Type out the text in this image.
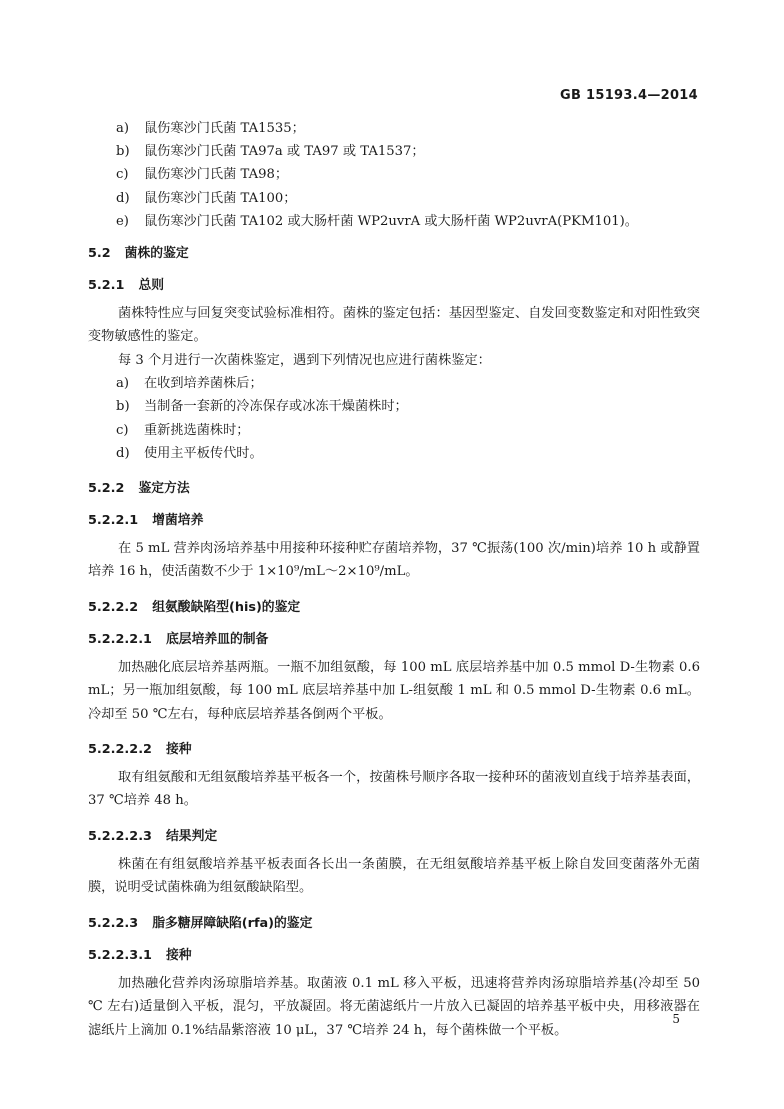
GB 15193.4—2014
a) 鼠伤寒沙门氏菌 TA1535；
b) 鼠伤寒沙门氏菌 TA97a 或 TA97 或 TA1537；
c) 鼠伤寒沙门氏菌 TA98；
d) 鼠伤寒沙门氏菌 TA100；
e) 鼠伤寒沙门氏菌 TA102 或大肠杆菌 WP2uvrA 或大肠杆菌 WP2uvrA(PKM101)。
5.2 菌株的鉴定
5.2.1 总则

菌株特性应与回复突变试验标准相符。菌株的鉴定包括：基因型鉴定、自发回变数鉴定和对阳性致突变物敏感性的鉴定。

每 3 个月进行一次菌株鉴定，遇到下列情况也应进行菌株鉴定：

a) 在收到培养菌株后；
b) 当制备一套新的冷冻保存或冰冻干燥菌株时；
c) 重新挑选菌株时；
d) 使用主平板传代时。
5.2.2 鉴定方法
5.2.2.1 增菌培养

在 5 mL 营养肉汤培养基中用接种环接种贮存菌培养物，37 ℃振荡(100 次/min)培养 10 h 或静置培养 16 h，使活菌数不少于 1×10⁹/mL～2×10⁹/mL。

5.2.2.2 组氨酸缺陷型(his)的鉴定
5.2.2.2.1 底层培养皿的制备

加热融化底层培养基两瓶。一瓶不加组氨酸，每 100 mL 底层培养基中加 0.5 mmol D-生物素 0.6 mL；另一瓶加组氨酸，每 100 mL 底层培养基中加 L-组氨酸 1 mL 和 0.5 mmol D-生物素 0.6 mL。冷却至 50 ℃左右，每种底层培养基各倒两个平板。

5.2.2.2.2 接种

取有组氨酸和无组氨酸培养基平板各一个，按菌株号顺序各取一接种环的菌液划直线于培养基表面，37 ℃培养 48 h。

5.2.2.2.3 结果判定

株菌在有组氨酸培养基平板表面各长出一条菌膜，在无组氨酸培养基平板上除自发回变菌落外无菌膜，说明受试菌株确为组氨酸缺陷型。

5.2.2.3 脂多糖屏障缺陷(rfa)的鉴定
5.2.2.3.1 接种

加热融化营养肉汤琼脂培养基。取菌液 0.1 mL 移入平板，迅速将营养肉汤琼脂培养基(冷却至 50 ℃ 左右)适量倒入平板，混匀，平放凝固。将无菌滤纸片一片放入已凝固的培养基平板中央，用移液器在滤纸片上滴加 0.1%结晶紫溶液 10 μL，37 ℃培养 24 h，每个菌株做一个平板。

5
